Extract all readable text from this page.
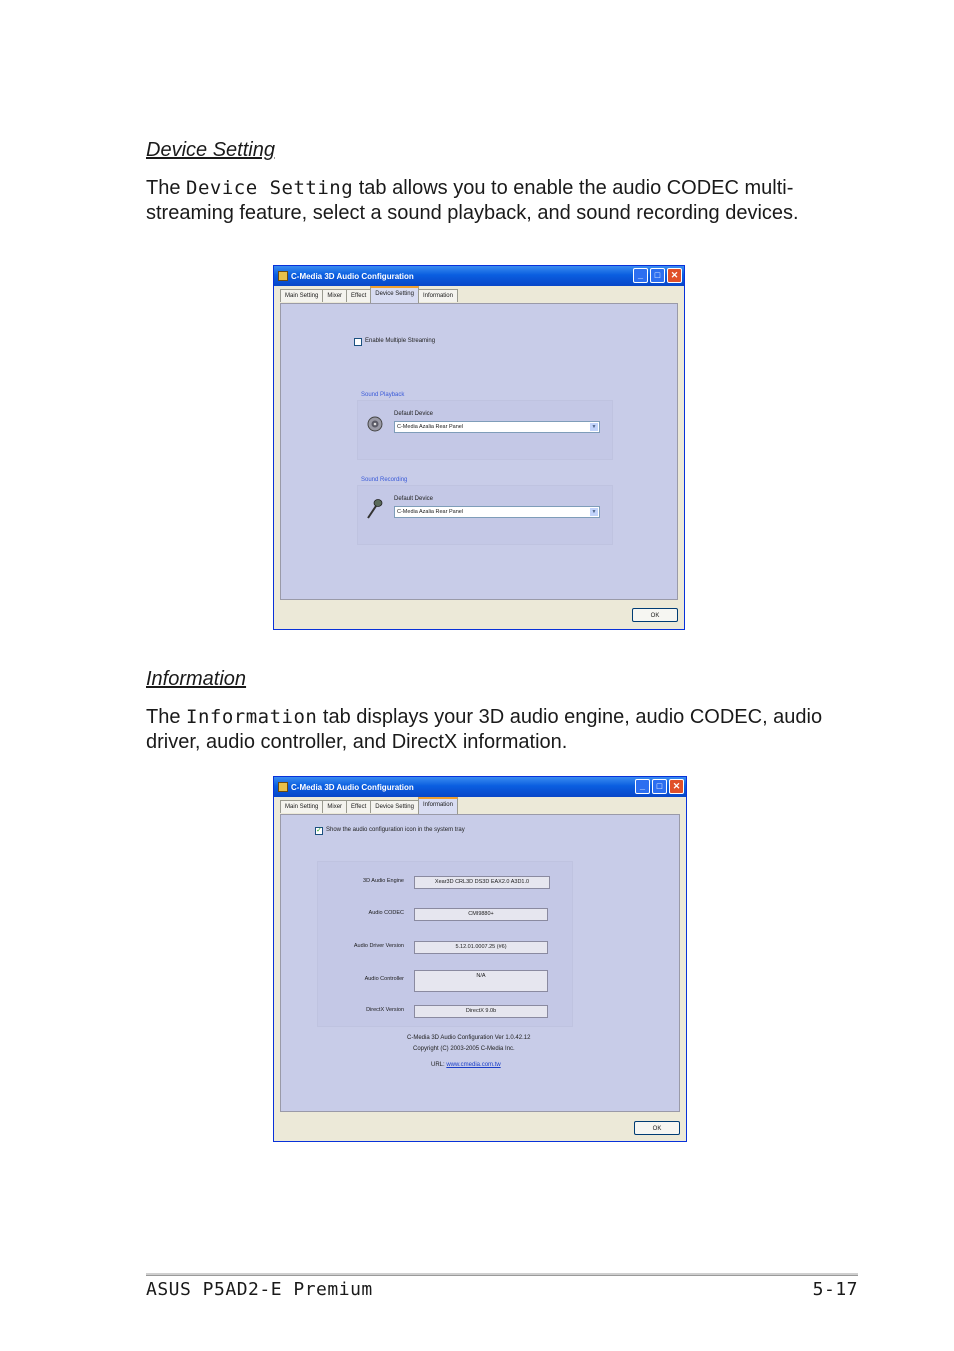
Device Setting
The Device Setting tab allows you to enable the audio CODEC multi-streaming feature, select a sound playback, and sound recording devices.
C-Media 3D Audio Configuration	_	□	✕
Main Setting	Mixer	Effect	Device Setting	Information
Enable Multiple Streaming
Sound Playback
Default Device
C-Media Azalia Rear Panel	▼
Sound Recording
Default Device
C-Media Azalia Rear Panel	▼
OK
Information
The Information tab displays your 3D audio engine, audio CODEC, audio driver, audio controller, and DirectX information.
C-Media 3D Audio Configuration	_	□	✕
Main Setting	Mixer	Effect	Device Setting	Information
✓ Show the audio configuration icon in the system tray
3D Audio Engine	Xear3D CRL3D DS3D EAX2.0 A3D1.0
Audio CODEC	CMI9880+
Audio Driver Version	5.12.01.0007.25 (#6)
Audio Controller	N/A
DirectX Version	DirectX 9.0b
C-Media 3D Audio Configuration Ver 1.0.42.12
Copyright (C) 2003-2005 C-Media Inc.
URL: www.cmedia.com.tw
OK
ASUS P5AD2-E Premium	5-17
